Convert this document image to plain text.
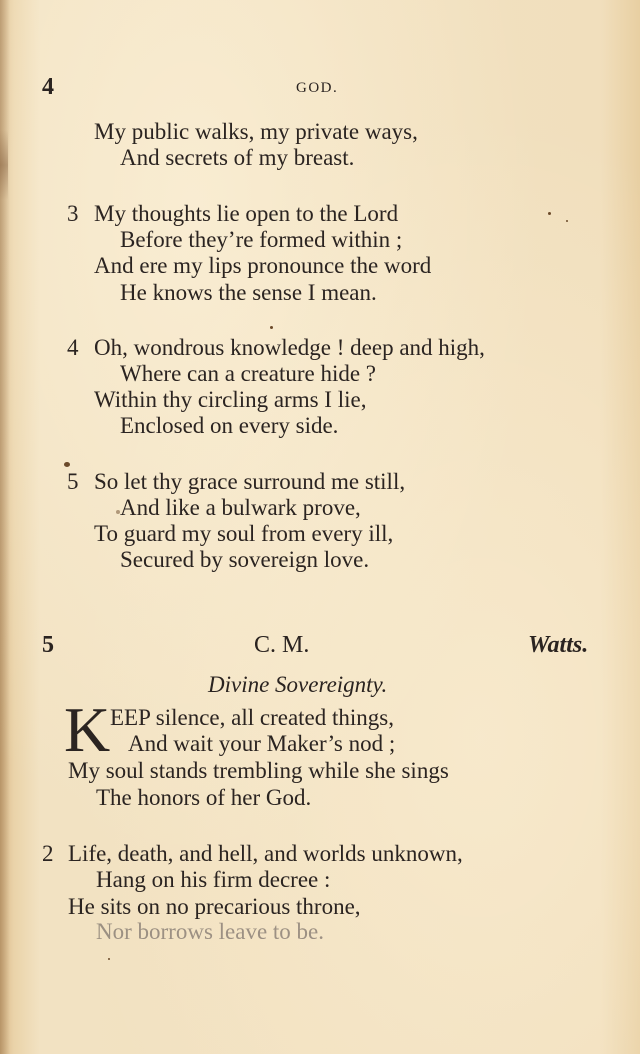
4	GOD.
My public walks, my private ways,
And secrets of my breast.
3 My thoughts lie open to the Lord
Before they’re formed within ;
And ere my lips pronounce the word
He knows the sense I mean.
4 Oh, wondrous knowledge ! deep and high,
Where can a creature hide ?
Within thy circling arms I lie,
Enclosed on every side.
5 So let thy grace surround me still,
And like a bulwark prove,
To guard my soul from every ill,
Secured by sovereign love.
5	C. M.	Watts.
Divine Sovereignty.
K EEP silence, all created things,
And wait your Maker’s nod ;
My soul stands trembling while she sings
The honors of her God.
2 Life, death, and hell, and worlds unknown,
Hang on his firm decree :
He sits on no precarious throne,
Nor borrows leave to be.
